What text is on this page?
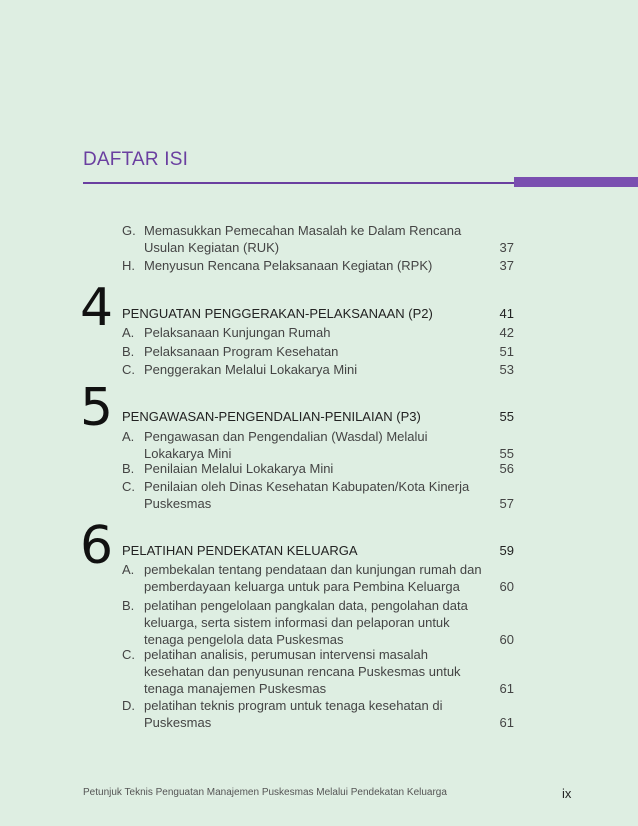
DAFTAR ISI
G. Memasukkan Pemecahan Masalah ke Dalam Rencana Usulan Kegiatan (RUK)	37
H. Menyusun Rencana Pelaksanaan Kegiatan (RPK)	37
4 PENGUATAN PENGGERAKAN-PELAKSANAAN (P2)	41
A. Pelaksanaan Kunjungan Rumah	42
B. Pelaksanaan Program Kesehatan	51
C. Penggerakan Melalui Lokakarya Mini	53
5 PENGAWASAN-PENGENDALIAN-PENILAIAN (P3)	55
A. Pengawasan dan Pengendalian (Wasdal) Melalui Lokakarya Mini	55
B. Penilaian Melalui Lokakarya Mini	56
C. Penilaian oleh Dinas Kesehatan Kabupaten/Kota Kinerja Puskesmas	57
6 PELATIHAN PENDEKATAN KELUARGA	59
A. pembekalan tentang pendataan dan kunjungan rumah dan pemberdayaan keluarga untuk para Pembina Keluarga	60
B. pelatihan pengelolaan pangkalan data, pengolahan data keluarga, serta sistem informasi dan pelaporan untuk tenaga pengelola data Puskesmas	60
C. pelatihan analisis, perumusan intervensi masalah kesehatan dan penyusunan rencana Puskesmas untuk tenaga manajemen Puskesmas	61
D. pelatihan teknis program untuk tenaga kesehatan di Puskesmas	61
Petunjuk Teknis Penguatan Manajemen Puskesmas Melalui Pendekatan Keluarga	ix
